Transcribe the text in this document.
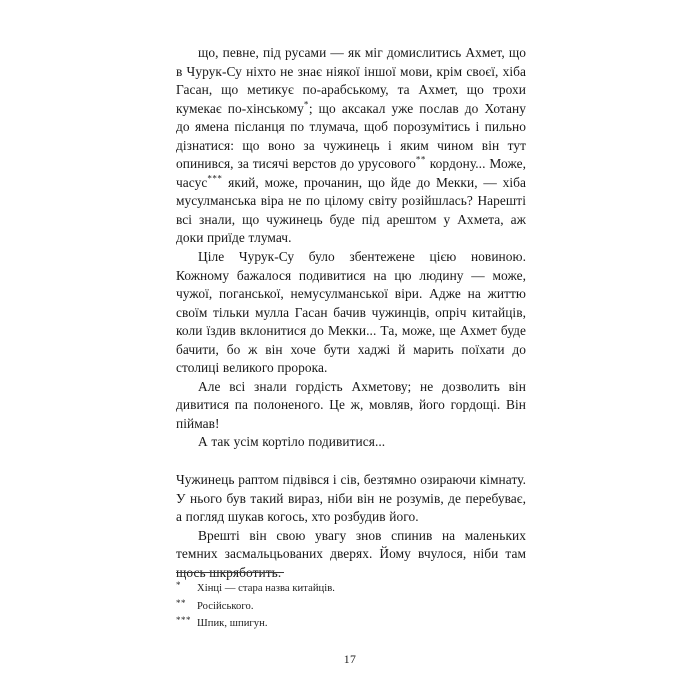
що, певне, під русами — як міг домислитись Ахмет, що в Чурук-Су ніхто не знає ніякої іншої мови, крім своєї, хіба Гасан, що метикує по-арабському, та Ахмет, що трохи кумекає по-хінському*; що аксакал уже послав до Хотану до ямена післанця по тлумача, щоб порозумітись і пильно дізнатися: що воно за чужинець і яким чином він тут опинився, за тисячі верстов до урусового** кордону... Може, часус*** який, може, прочанин, що йде до Мекки, — хіба мусулманська віра не по цілому світу розійшлась? Нарешті всі знали, що чужинець буде під арештом у Ахмета, аж доки приїде тлумач.

Ціле Чурук-Су було збентежене цією новиною. Кожному бажалося подивитися на цю людину — може, чужої, поганської, немусулманської віри. Адже на життю своїм тільки мулла Гасан бачив чужинців, опріч китайців, коли їздив вклонитися до Мекки... Та, може, ще Ахмет буде бачити, бо ж він хоче бути хаджі й марить поїхати до столиці великого пророка.

Але всі знали гордість Ахметову; не дозволить він дивитися па полоненого. Це ж, мовляв, його гордощі. Він піймав!

А так усім кортіло подивитися...

Чужинець раптом підвівся і сів, безтямно озираючи кімнату. У нього був такий вираз, ніби він не розумів, де перебуває, а погляд шукав когось, хто розбудив його.

Врешті він свою увагу знов спинив на маленьких темних засмальцьованих дверях. Йому вчулося, ніби там щось шкряботить.

*	Хінці — стара назва китайців.
**	Російського.
*** Шпик, шпигун.
17
